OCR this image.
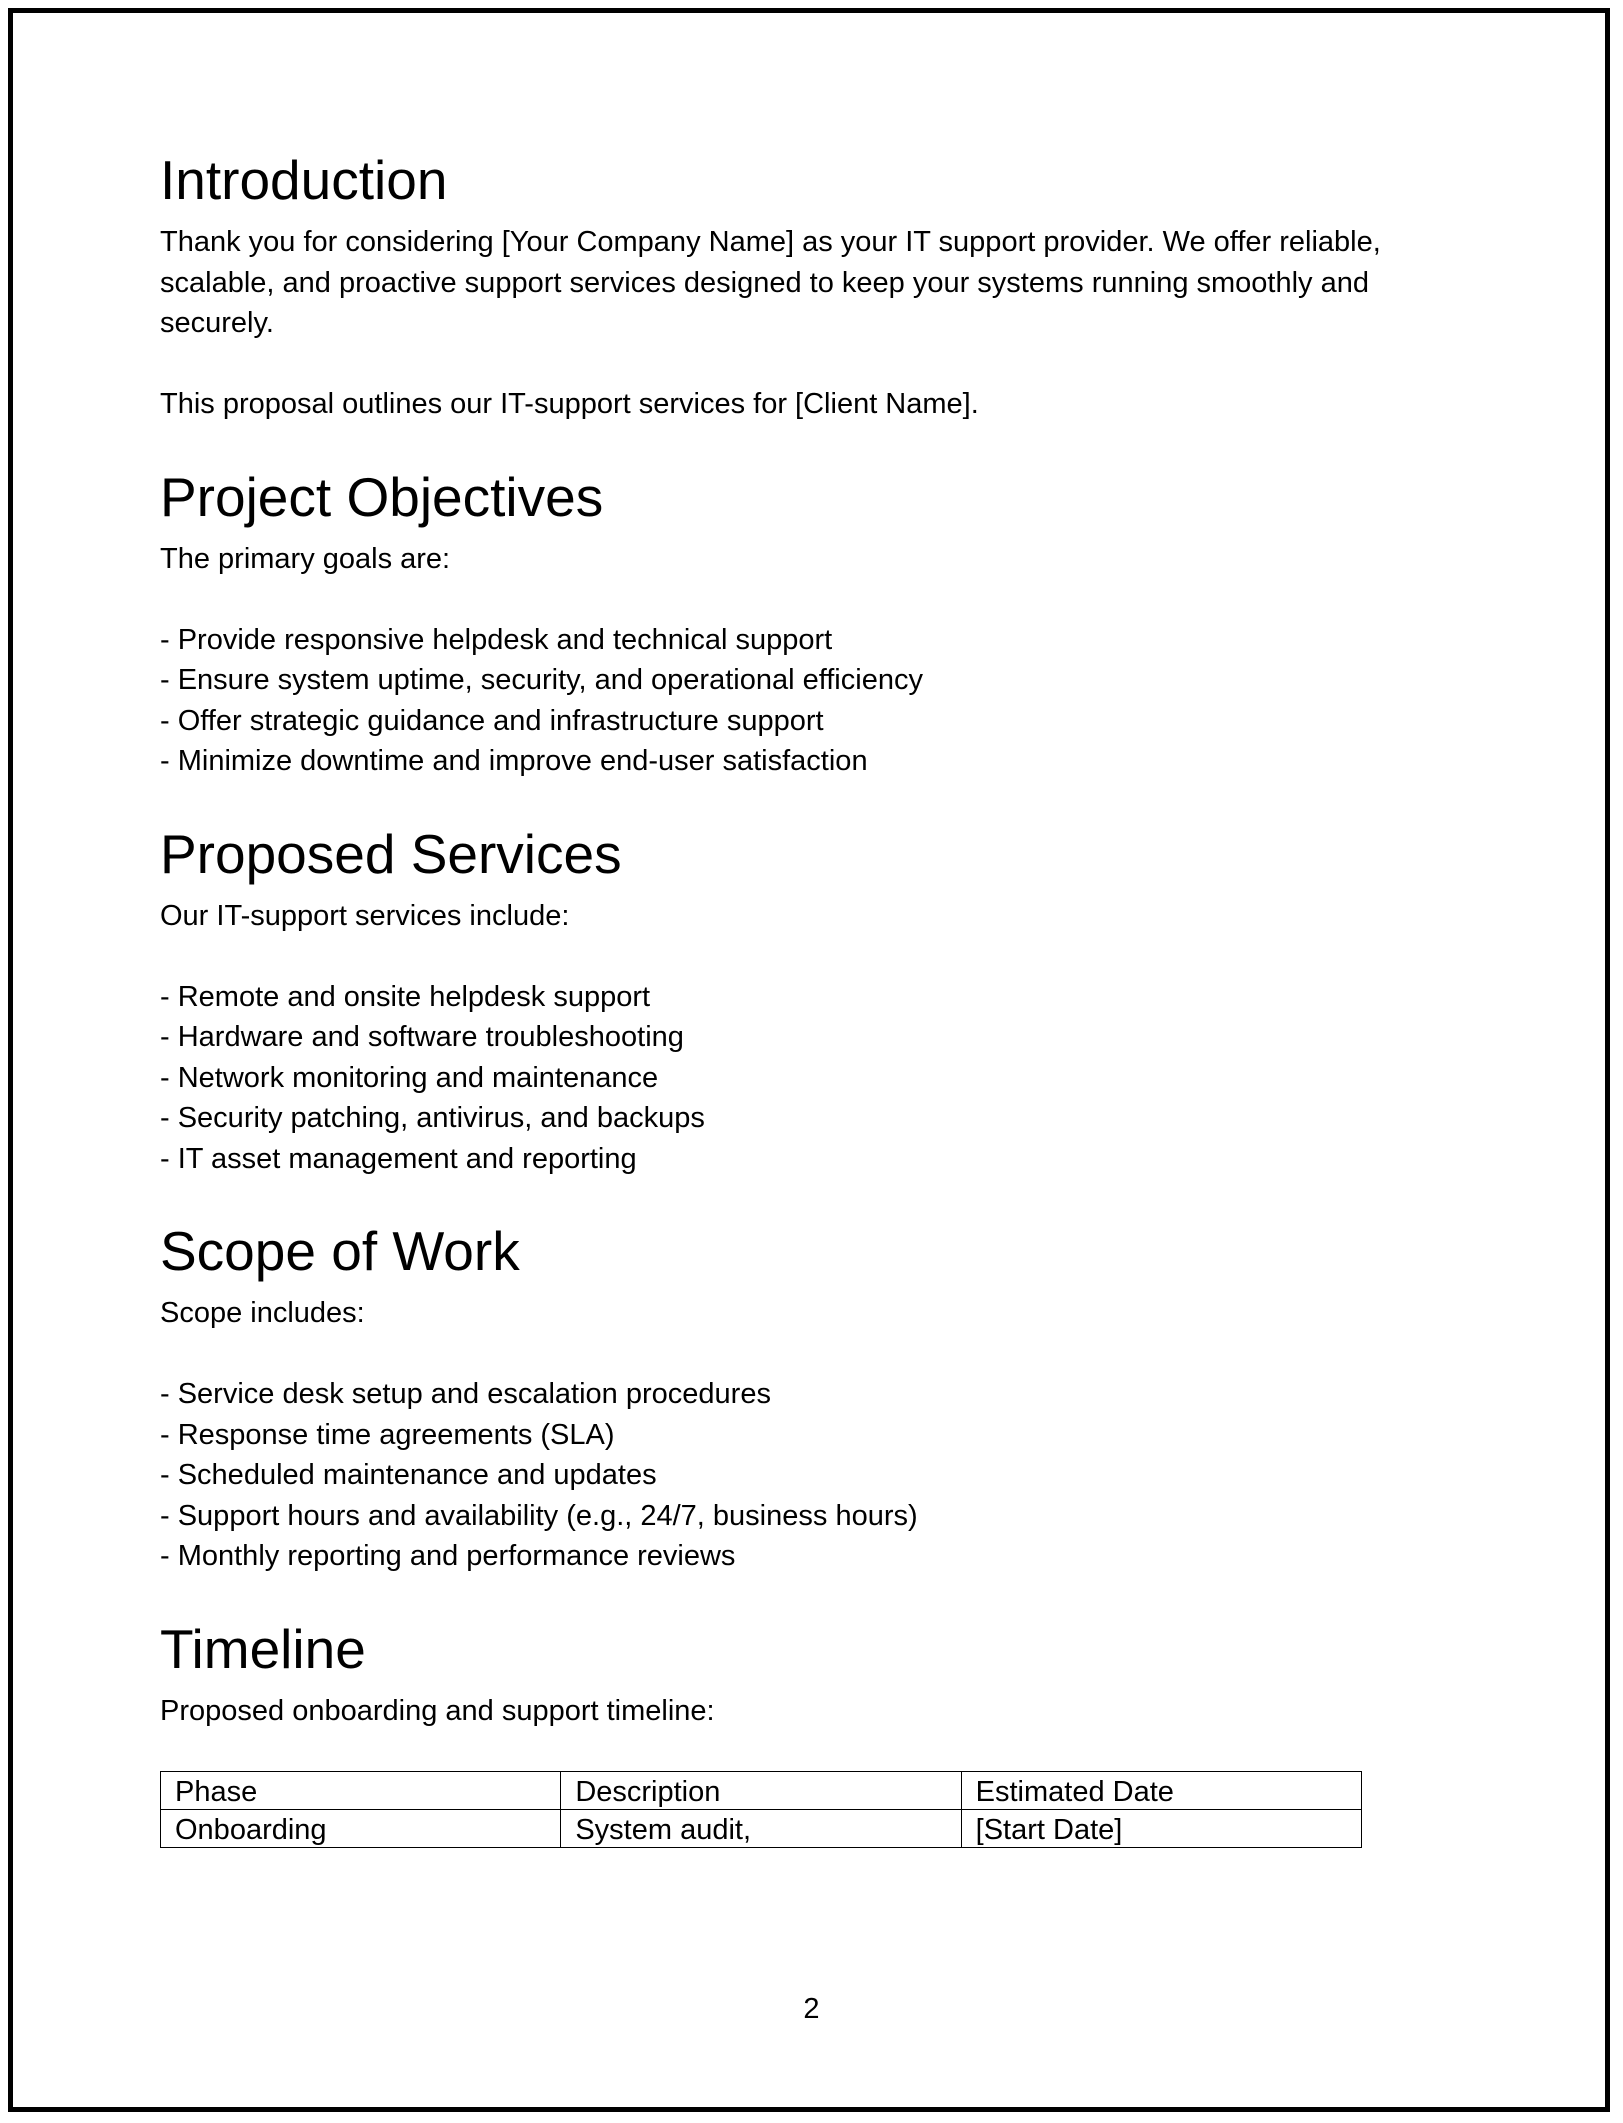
Introduction

Thank you for considering [Your Company Name] as your IT support provider. We offer reliable, scalable, and proactive support services designed to keep your systems running smoothly and securely.

This proposal outlines our IT-support services for [Client Name].

Project Objectives

The primary goals are:

- Provide responsive helpdesk and technical support
- Ensure system uptime, security, and operational efficiency
- Offer strategic guidance and infrastructure support
- Minimize downtime and improve end-user satisfaction
Proposed Services

Our IT-support services include:

- Remote and onsite helpdesk support
- Hardware and software troubleshooting
- Network monitoring and maintenance
- Security patching, antivirus, and backups
- IT asset management and reporting
Scope of Work

Scope includes:

- Service desk setup and escalation procedures
- Response time agreements (SLA)
- Scheduled maintenance and updates
- Support hours and availability (e.g., 24/7, business hours)
- Monthly reporting and performance reviews
Timeline

Proposed onboarding and support timeline:

Phase	Description	Estimated Date
Onboarding	System audit,	[Start Date]
2
